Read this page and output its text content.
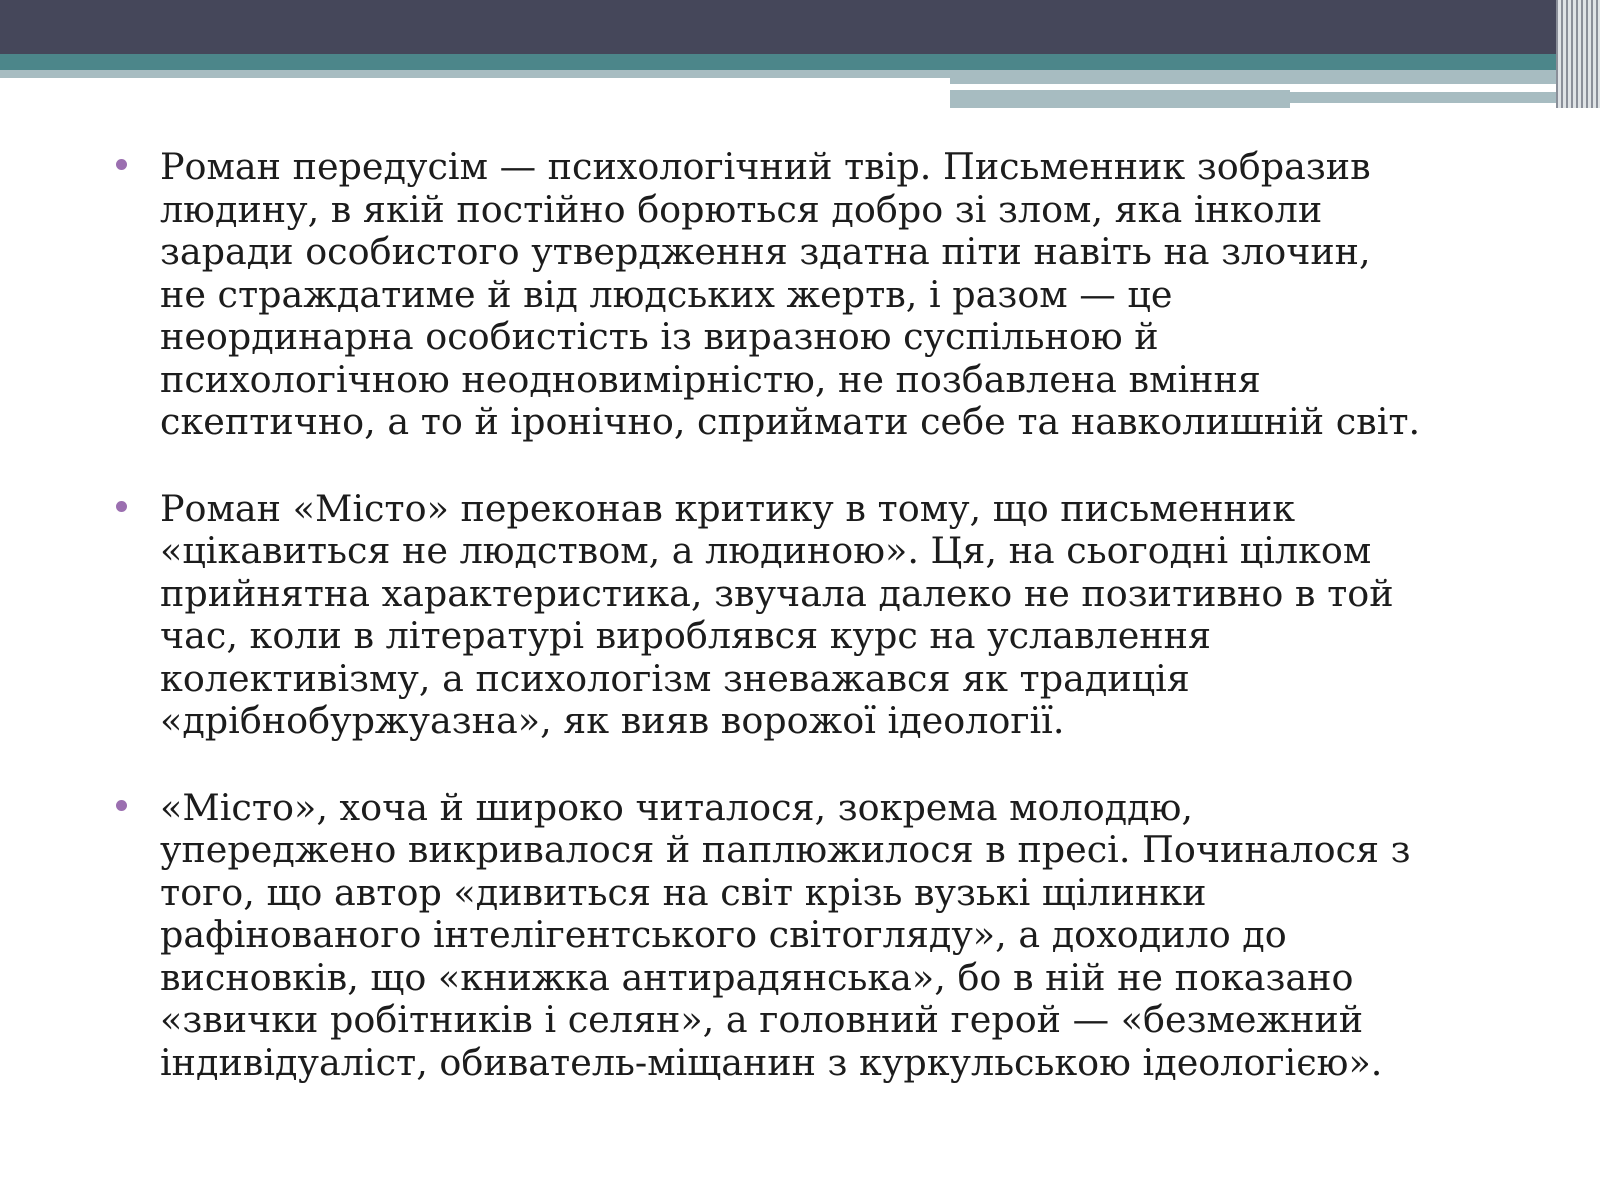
Роман передусім — психологічний твір. Письменник зобразив
людину, в якій постійно борються добро зі злом, яка інколи
заради особистого утвердження здатна піти навіть на злочин,
не страждатиме й від людських жертв, і разом — це
неординарна особистість із виразною суспільною й
психологічною неодновимірністю, не позбавлена вміння
скептично, а то й іронічно, сприймати себе та навколишній світ.
Роман «Місто» переконав критику в тому, що письменник
«цікавиться не людством, а людиною». Ця, на сьогодні цілком
прийнятна характеристика, звучала далеко не позитивно в той
час, коли в літературі вироблявся курс на уславлення
колективізму, а психологізм зневажався як традиція
«дрібнобуржуазна», як вияв ворожої ідеології.
«Місто», хоча й широко читалося, зокрема молоддю,
упереджено викривалося й паплюжилося в пресі. Починалося з
того, що автор «дивиться на світ крізь вузькі щілинки
рафінованого інтелігентського світогляду», а доходило до
висновків, що «книжка антирадянська», бо в ній не показано
«звички робітників і селян», а головний герой — «безмежний
індивідуаліст, обиватель-міщанин з куркульською ідеологією».
